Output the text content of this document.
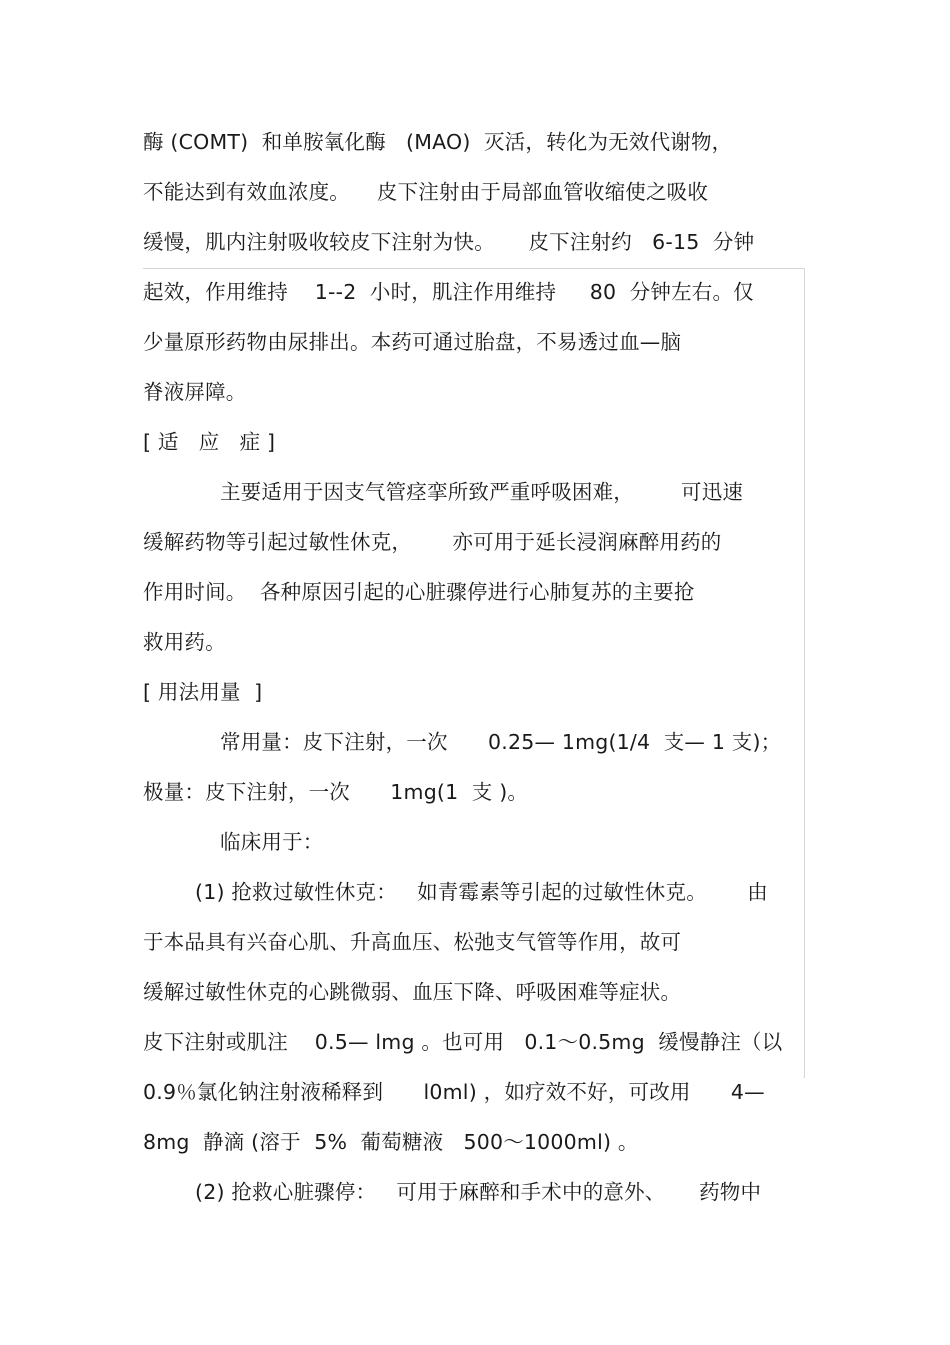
酶 (COMT)  和单胺氧化酶   (MAO)  灭活，转化为无效代谢物，
不能达到有效血浓度。    皮下注射由于局部血管收缩使之吸收
缓慢，肌内注射吸收较皮下注射为快。     皮下注射约   6-15  分钟
起效，作用维持    1--2  小时，肌注作用维持     80  分钟左右。仅
少量原形药物由尿排出。本药可通过胎盘，不易透过血—脑
脊液屏障。
[ 适   应   症 ]
主要适用于因支气管痉挛所致严重呼吸困难，       可迅速
缓解药物等引起过敏性休克，      亦可用于延长浸润麻醉用药的
作用时间。  各种原因引起的心脏骤停进行心肺复苏的主要抢
救用药。
[ 用法用量  ]
常用量：皮下注射，一次      0.25— 1mg(1/4  支— 1 支)；
极量：皮下注射，一次      1mg(1  支 )。
临床用于：
(1) 抢救过敏性休克：   如青霉素等引起的过敏性休克。      由
于本品具有兴奋心肌、升高血压、松弛支气管等作用，故可
缓解过敏性休克的心跳微弱、血压下降、呼吸困难等症状。
皮下注射或肌注    0.5— lmg 。也可用   0.1～0.5mg  缓慢静注（以
0.9％氯化钠注射液稀释到      l0ml) ，如疗效不好，可改用      4—
8mg  静滴 (溶于  5%  葡萄糖液   500～1000ml) 。
(2) 抢救心脏骤停：   可用于麻醉和手术中的意外、     药物中
